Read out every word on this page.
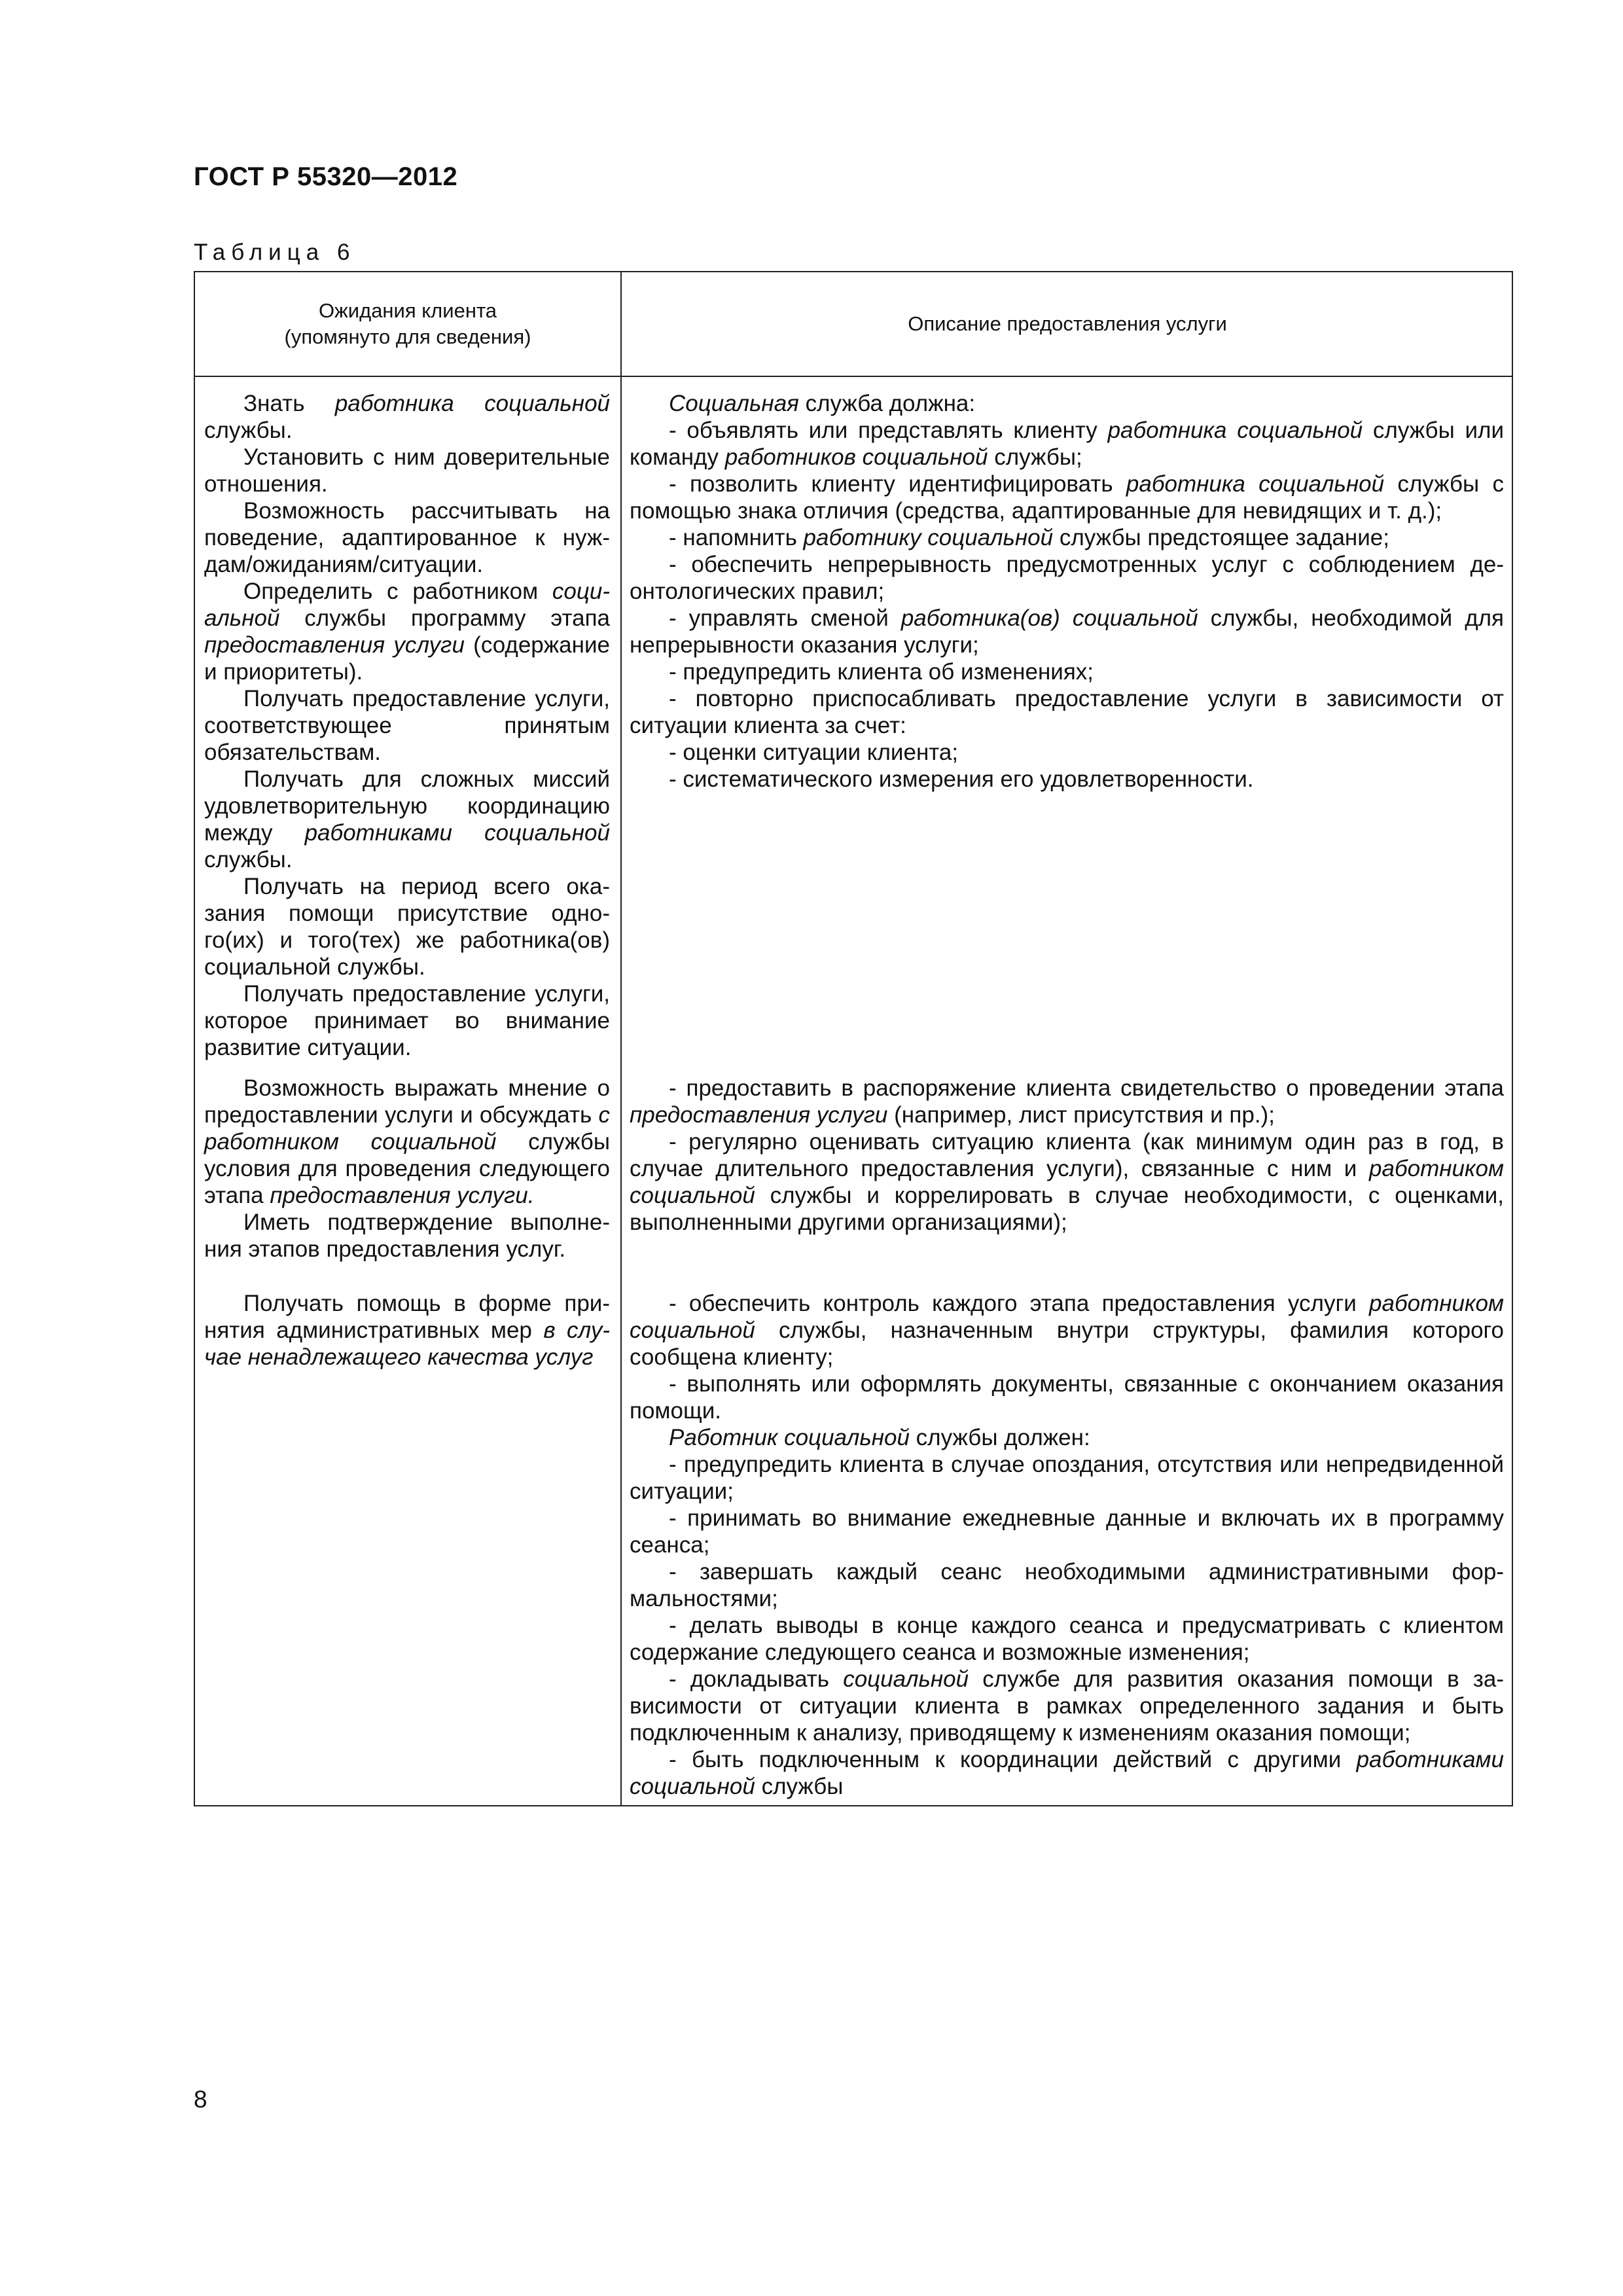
ГОСТ Р 55320—2012
Таблица 6
Ожидания клиента
(упомянуто для сведения)
Описание предоставления услуги

Знать работника социальной службы.

Установить с ним доверительные отношения.

Возможность рассчитывать на поведение, адаптированное к нуждам/ожиданиям/ситуации.

Определить с работником социальной службы программу этапа предоставления услуги (содержание и приоритеты).

Получать предоставление услуги, соответствующее принятым обязательствам.

Получать для сложных миссий удовлетворительную координацию между работниками социальной службы.

Получать на период всего оказания помощи присутствие одного(их) и того(тех) же работника(ов) социальной службы.

Получать предоставление услуги, которое принимает во внимание развитие ситуации.

Возможность выражать мнение о предоставлении услуги и обсуждать с работником социальной службы условия для проведения следующего этапа предоставления услуги.

Иметь подтверждение выполнения этапов предоставления услуг.

Получать помощь в форме принятия административных мер в случае ненадлежащего качества услуг

Социальная служба должна:

- объявлять или представлять клиенту работника социальной службы или команду работников социальной службы;

- позволить клиенту идентифицировать работника социальной службы с помощью знака отличия (средства, адаптированные для невидящих и т. д.);

- напомнить работнику социальной службы предстоящее задание;

- обеспечить непрерывность предусмотренных услуг с соблюдением деонтологических правил;

- управлять сменой работника(ов) социальной службы, необходимой для непрерывности оказания услуги;

- предупредить клиента об изменениях;

- повторно приспосабливать предоставление услуги в зависимости от ситуации клиента за счет:

- оценки ситуации клиента;

- систематического измерения его удовлетворенности.

- предоставить в распоряжение клиента свидетельство о проведении этапа предоставления услуги (например, лист присутствия и пр.);

- регулярно оценивать ситуацию клиента (как минимум один раз в год, в случае длительного предоставления услуги), связанные с ним и работником социальной службы и коррелировать в случае необходимости, с оценками, выполненными другими организациями);

- обеспечить контроль каждого этапа предоставления услуги работником социальной службы, назначенным внутри структуры, фамилия которого сообщена клиенту;

- выполнять или оформлять документы, связанные с окончанием оказания помощи.

Работник социальной службы должен:

- предупредить клиента в случае опоздания, отсутствия или непредвиденной ситуации;

- принимать во внимание ежедневные данные и включать их в программу сеанса;

- завершать каждый сеанс необходимыми административными формальностями;

- делать выводы в конце каждого сеанса и предусматривать с клиентом содержание следующего сеанса и возможные изменения;

- докладывать социальной службе для развития оказания помощи в зависимости от ситуации клиента в рамках определенного задания и быть подключенным к анализу, приводящему к изменениям оказания помощи;

- быть подключенным к координации действий с другими работниками социальной службы

8
